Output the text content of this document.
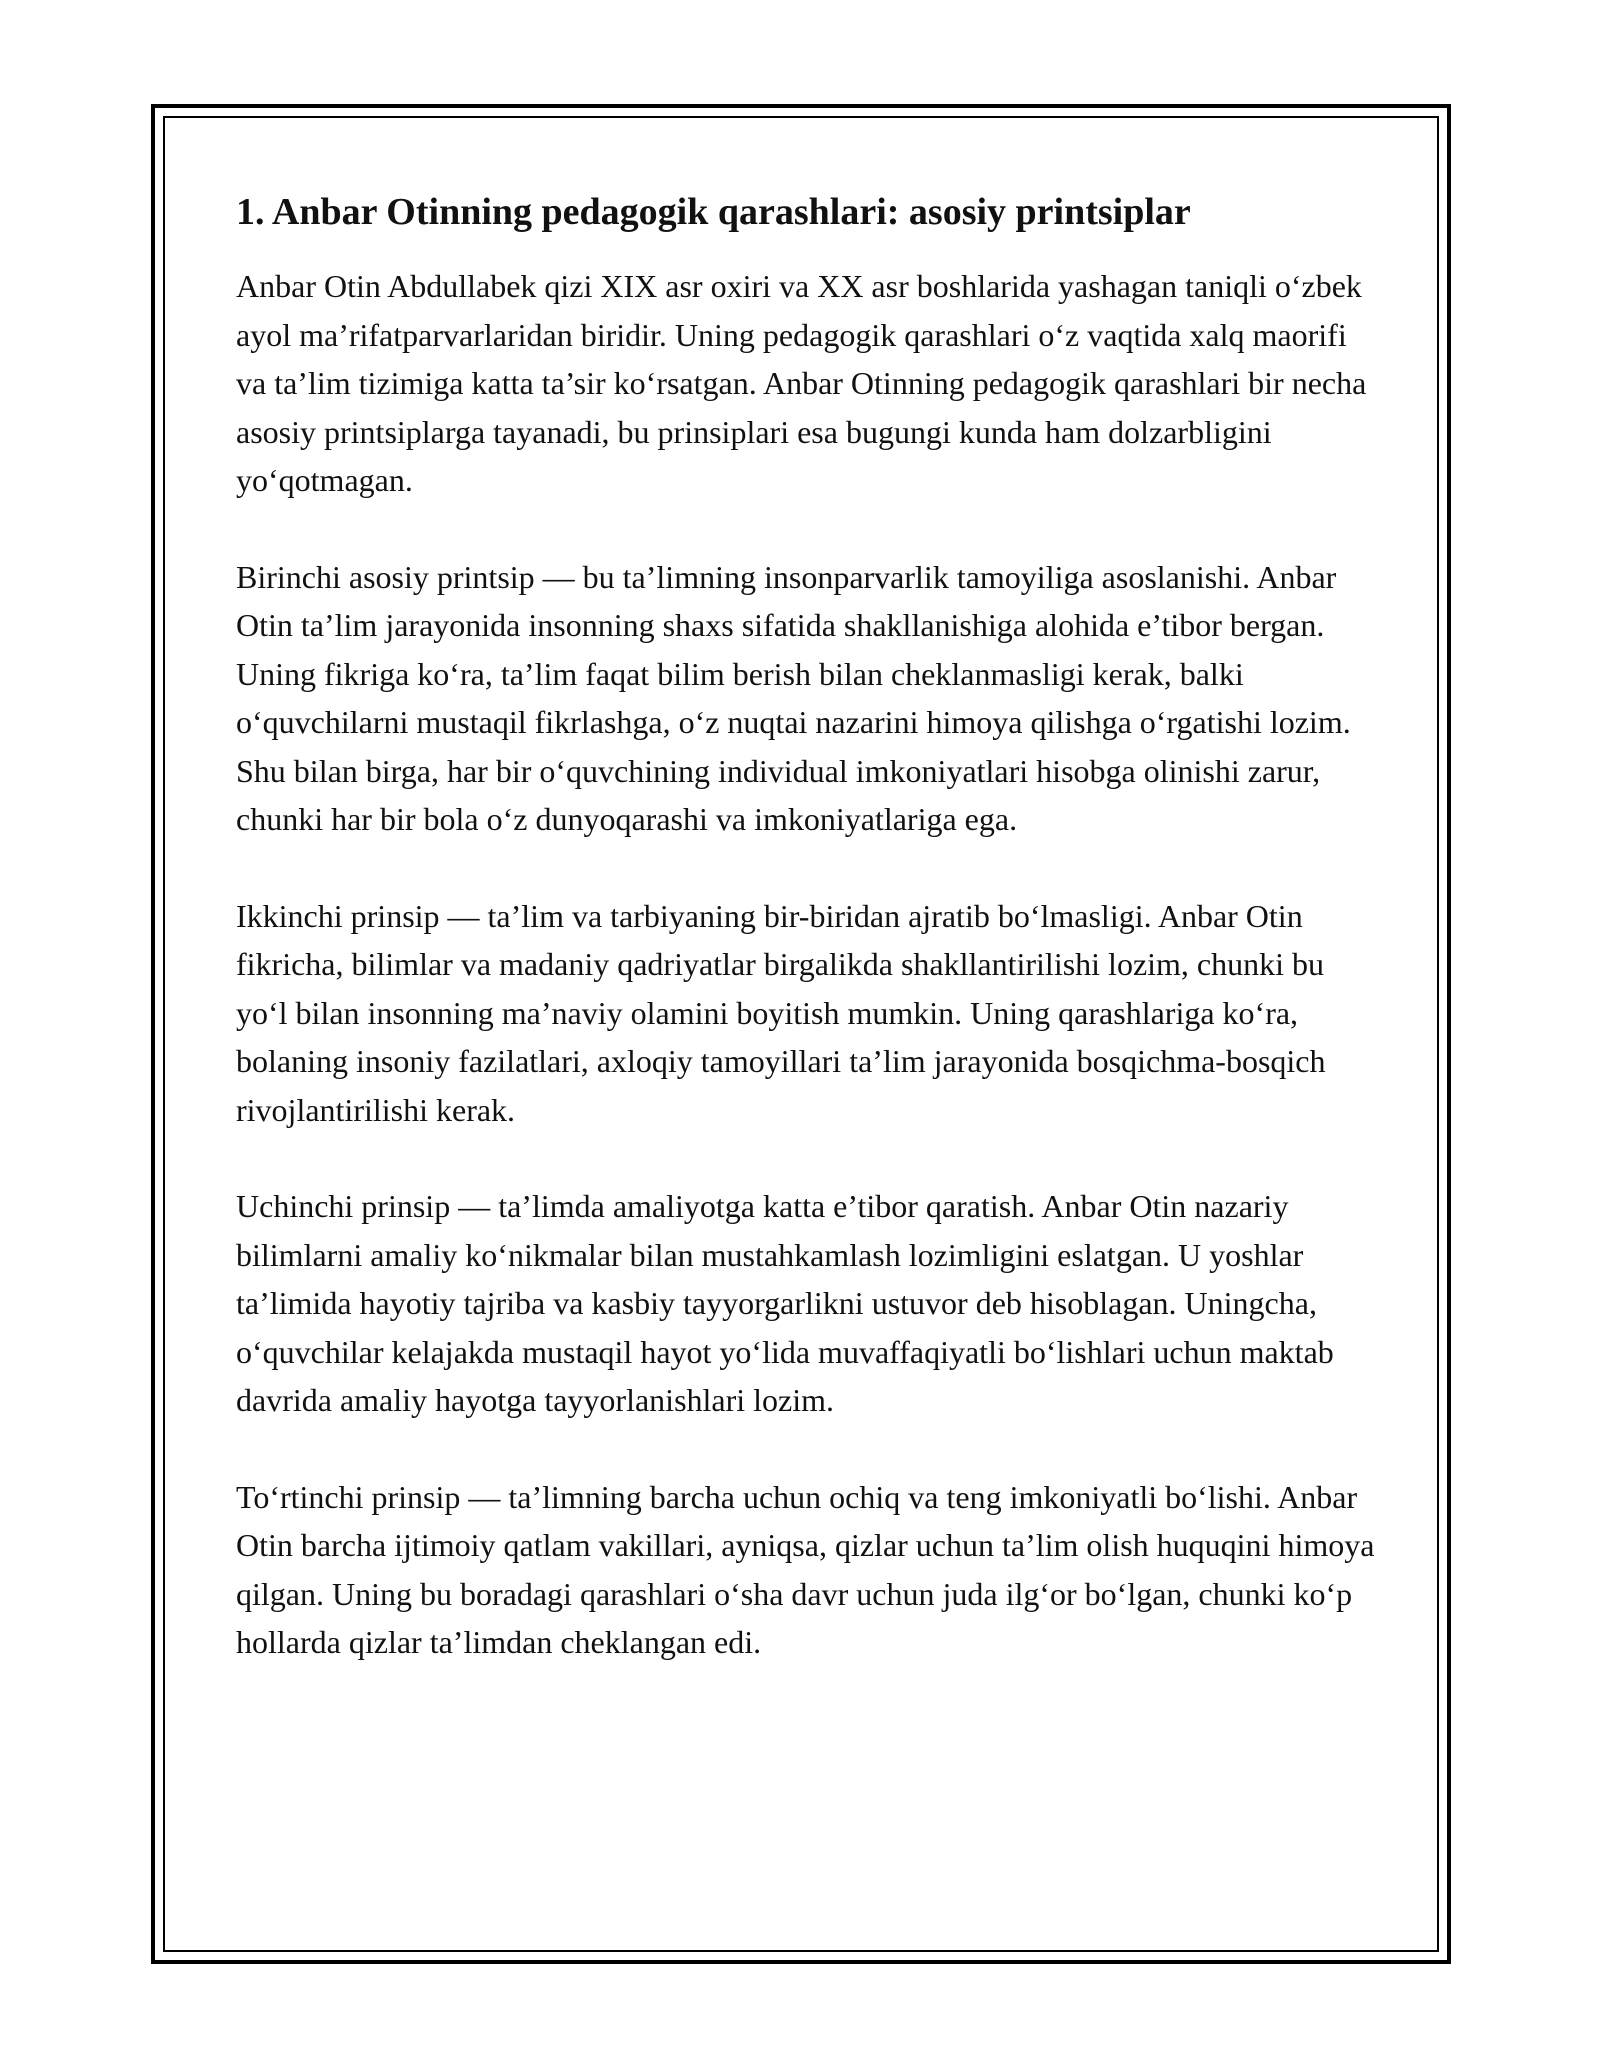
1. Anbar Otinning pedagogik qarashlari: asosiy printsiplar

Anbar Otin Abdullabek qizi XIX asr oxiri va XX asr boshlarida yashagan taniqli o‘zbek ayol ma’rifatparvarlaridan biridir. Uning pedagogik qarashlari o‘z vaqtida xalq maorifi va ta’lim tizimiga katta ta’sir ko‘rsatgan. Anbar Otinning pedagogik qarashlari bir necha asosiy printsiplarga tayanadi, bu prinsiplari esa bugungi kunda ham dolzarbligini yo‘qotmagan.

Birinchi asosiy printsip — bu ta’limning insonparvarlik tamoyiliga asoslanishi. Anbar Otin ta’lim jarayonida insonning shaxs sifatida shakllanishiga alohida e’tibor bergan. Uning fikriga ko‘ra, ta’lim faqat bilim berish bilan cheklanmasligi kerak, balki o‘quvchilarni mustaqil fikrlashga, o‘z nuqtai nazarini himoya qilishga o‘rgatishi lozim. Shu bilan birga, har bir o‘quvchining individual imkoniyatlari hisobga olinishi zarur, chunki har bir bola o‘z dunyoqarashi va imkoniyatlariga ega.

Ikkinchi prinsip — ta’lim va tarbiyaning bir-biridan ajratib bo‘lmasligi. Anbar Otin fikricha, bilimlar va madaniy qadriyatlar birgalikda shakllantirilishi lozim, chunki bu yo‘l bilan insonning ma’naviy olamini boyitish mumkin. Uning qarashlariga ko‘ra, bolaning insoniy fazilatlari, axloqiy tamoyillari ta’lim jarayonida bosqichma-bosqich rivojlantirilishi kerak.

Uchinchi prinsip — ta’limda amaliyotga katta e’tibor qaratish. Anbar Otin nazariy bilimlarni amaliy ko‘nikmalar bilan mustahkamlash lozimligini eslatgan. U yoshlar ta’limida hayotiy tajriba va kasbiy tayyorgarlikni ustuvor deb hisoblagan. Uningcha, o‘quvchilar kelajakda mustaqil hayot yo‘lida muvaffaqiyatli bo‘lishlari uchun maktab davrida amaliy hayotga tayyorlanishlari lozim.

To‘rtinchi prinsip — ta’limning barcha uchun ochiq va teng imkoniyatli bo‘lishi. Anbar Otin barcha ijtimoiy qatlam vakillari, ayniqsa, qizlar uchun ta’lim olish huquqini himoya qilgan. Uning bu boradagi qarashlari o‘sha davr uchun juda ilg‘or bo‘lgan, chunki ko‘p hollarda qizlar ta’limdan cheklangan edi.
